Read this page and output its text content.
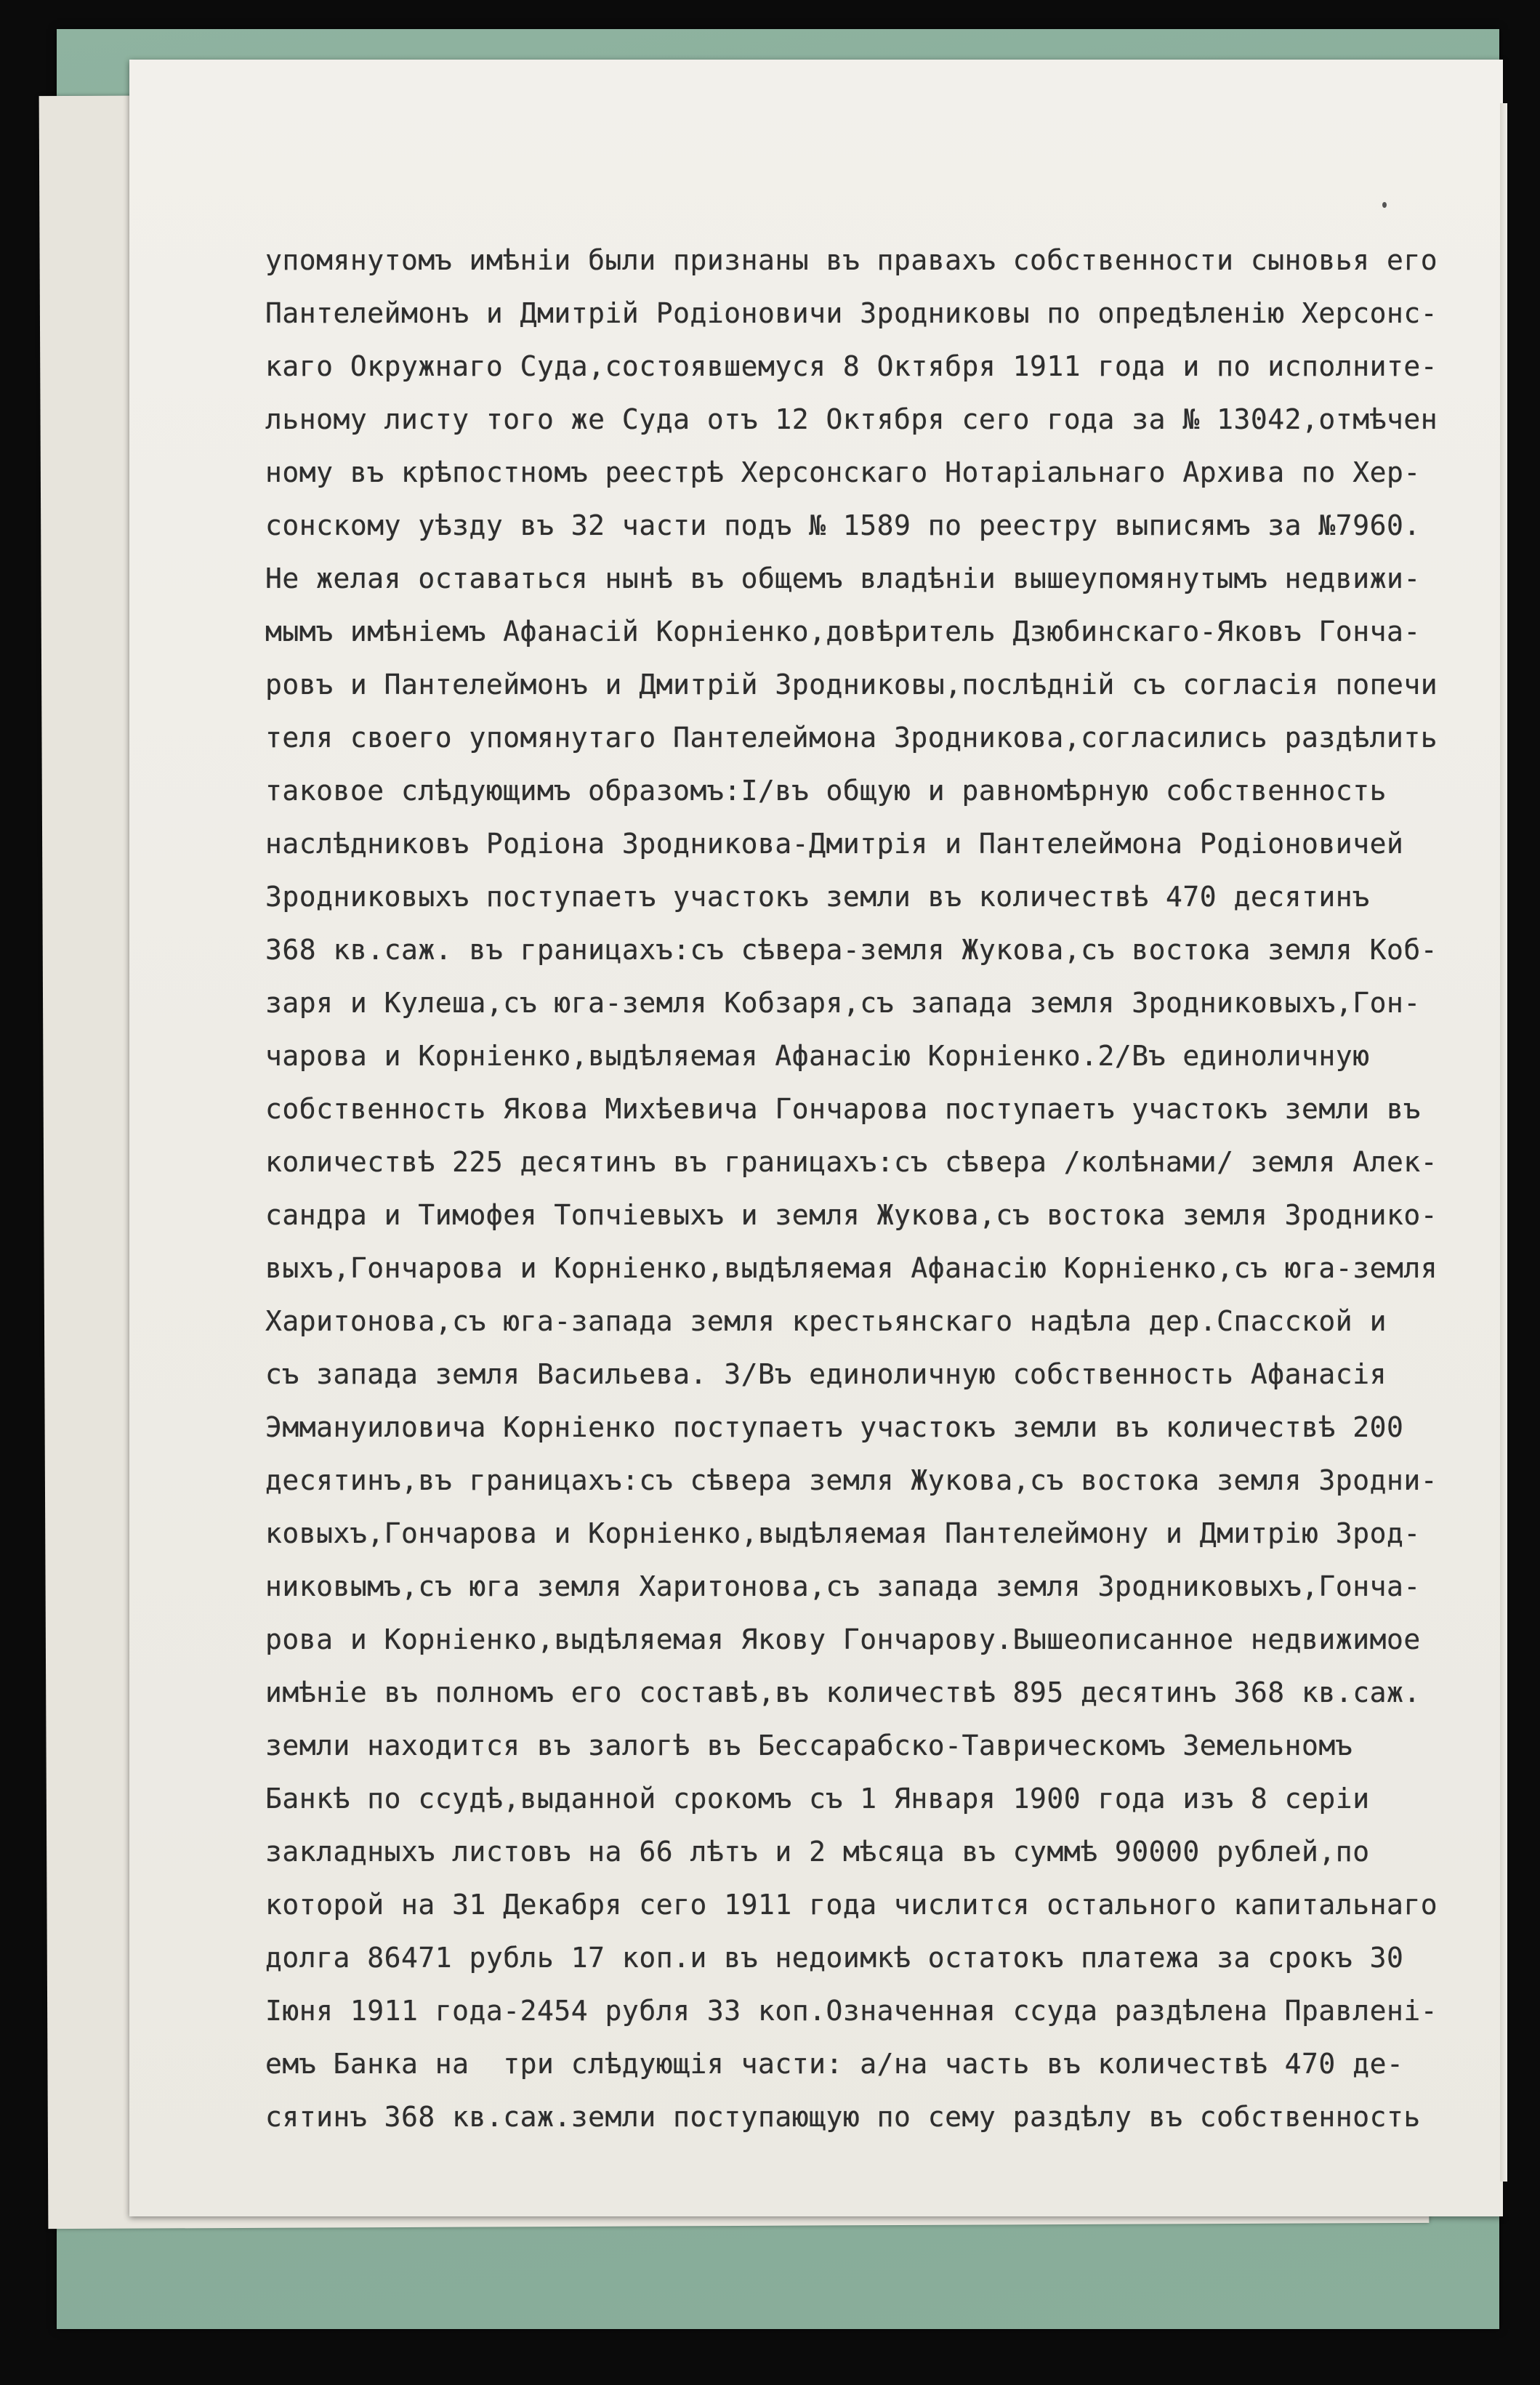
упомянутомъ имѣніи были признаны въ правахъ собственности сыновья его
Пантелеймонъ и Дмитрій Родіоновичи Зродниковы по опредѣленію Херсонс-
каго Окружнаго Суда,состоявшемуся 8 Октября 1911 года и по исполните-
льному листу того же Суда отъ 12 Октября сего года за № 13042,отмѣчен
ному въ крѣпостномъ реестрѣ Херсонскаго Нотаріальнаго Архива по Хер-
сонскому уѣзду въ 32 части подъ № 1589 по реестру выписямъ за №7960.
Не желая оставаться нынѣ въ общемъ владѣніи вышеупомянутымъ недвижи-
мымъ имѣніемъ Афанасій Корніенко,довѣритель Дзюбинскаго-Яковъ Гонча-
ровъ и Пантелеймонъ и Дмитрій Зродниковы,послѣдній съ согласія попечи
теля своего упомянутаго Пантелеймона Зродникова,согласились раздѣлить
таковое слѣдующимъ образомъ:I/въ общую и равномѣрную собственность
наслѣдниковъ Родіона Зродникова-Дмитрія и Пантелеймона Родіоновичей
Зродниковыхъ поступаетъ участокъ земли въ количествѣ 470 десятинъ
368 кв.саж. въ границахъ:съ сѣвера-земля Жукова,съ востока земля Коб-
заря и Кулеша,съ юга-земля Кобзаря,съ запада земля Зродниковыхъ,Гон-
чарова и Корніенко,выдѣляемая Афанасію Корніенко.2/Въ единоличную
собственность Якова Михѣевича Гончарова поступаетъ участокъ земли въ
количествѣ 225 десятинъ въ границахъ:съ сѣвера /колѣнами/ земля Алек-
сандра и Тимофея Топчіевыхъ и земля Жукова,съ востока земля Зроднико-
выхъ,Гончарова и Корніенко,выдѣляемая Афанасію Корніенко,съ юга-земля
Харитонова,съ юга-запада земля крестьянскаго надѣла дер.Спасской и
съ запада земля Васильева. 3/Въ единоличную собственность Афанасія
Эммануиловича Корніенко поступаетъ участокъ земли въ количествѣ 200
десятинъ,въ границахъ:съ сѣвера земля Жукова,съ востока земля Зродни-
ковыхъ,Гончарова и Корніенко,выдѣляемая Пантелеймону и Дмитрію Зрод-
никовымъ,съ юга земля Харитонова,съ запада земля Зродниковыхъ,Гонча-
рова и Корніенко,выдѣляемая Якову Гончарову.Вышеописанное недвижимое
имѣніе въ полномъ его составѣ,въ количествѣ 895 десятинъ 368 кв.саж.
земли находится въ залогѣ въ Бессарабско-Таврическомъ Земельномъ
Банкѣ по ссудѣ,выданной срокомъ съ 1 Января 1900 года изъ 8 серіи
закладныхъ листовъ на 66 лѣтъ и 2 мѣсяца въ суммѣ 90000 рублей,по
которой на 31 Декабря сего 1911 года числится остального капитальнаго
долга 86471 рубль 17 коп.и въ недоимкѣ остатокъ платежа за срокъ 30
Іюня 1911 года-2454 рубля 33 коп.Означенная ссуда раздѣлена Правлені-
емъ Банка на  три слѣдующія части: а/на часть въ количествѣ 470 де-
сятинъ 368 кв.саж.земли поступающую по сему раздѣлу въ собственность
